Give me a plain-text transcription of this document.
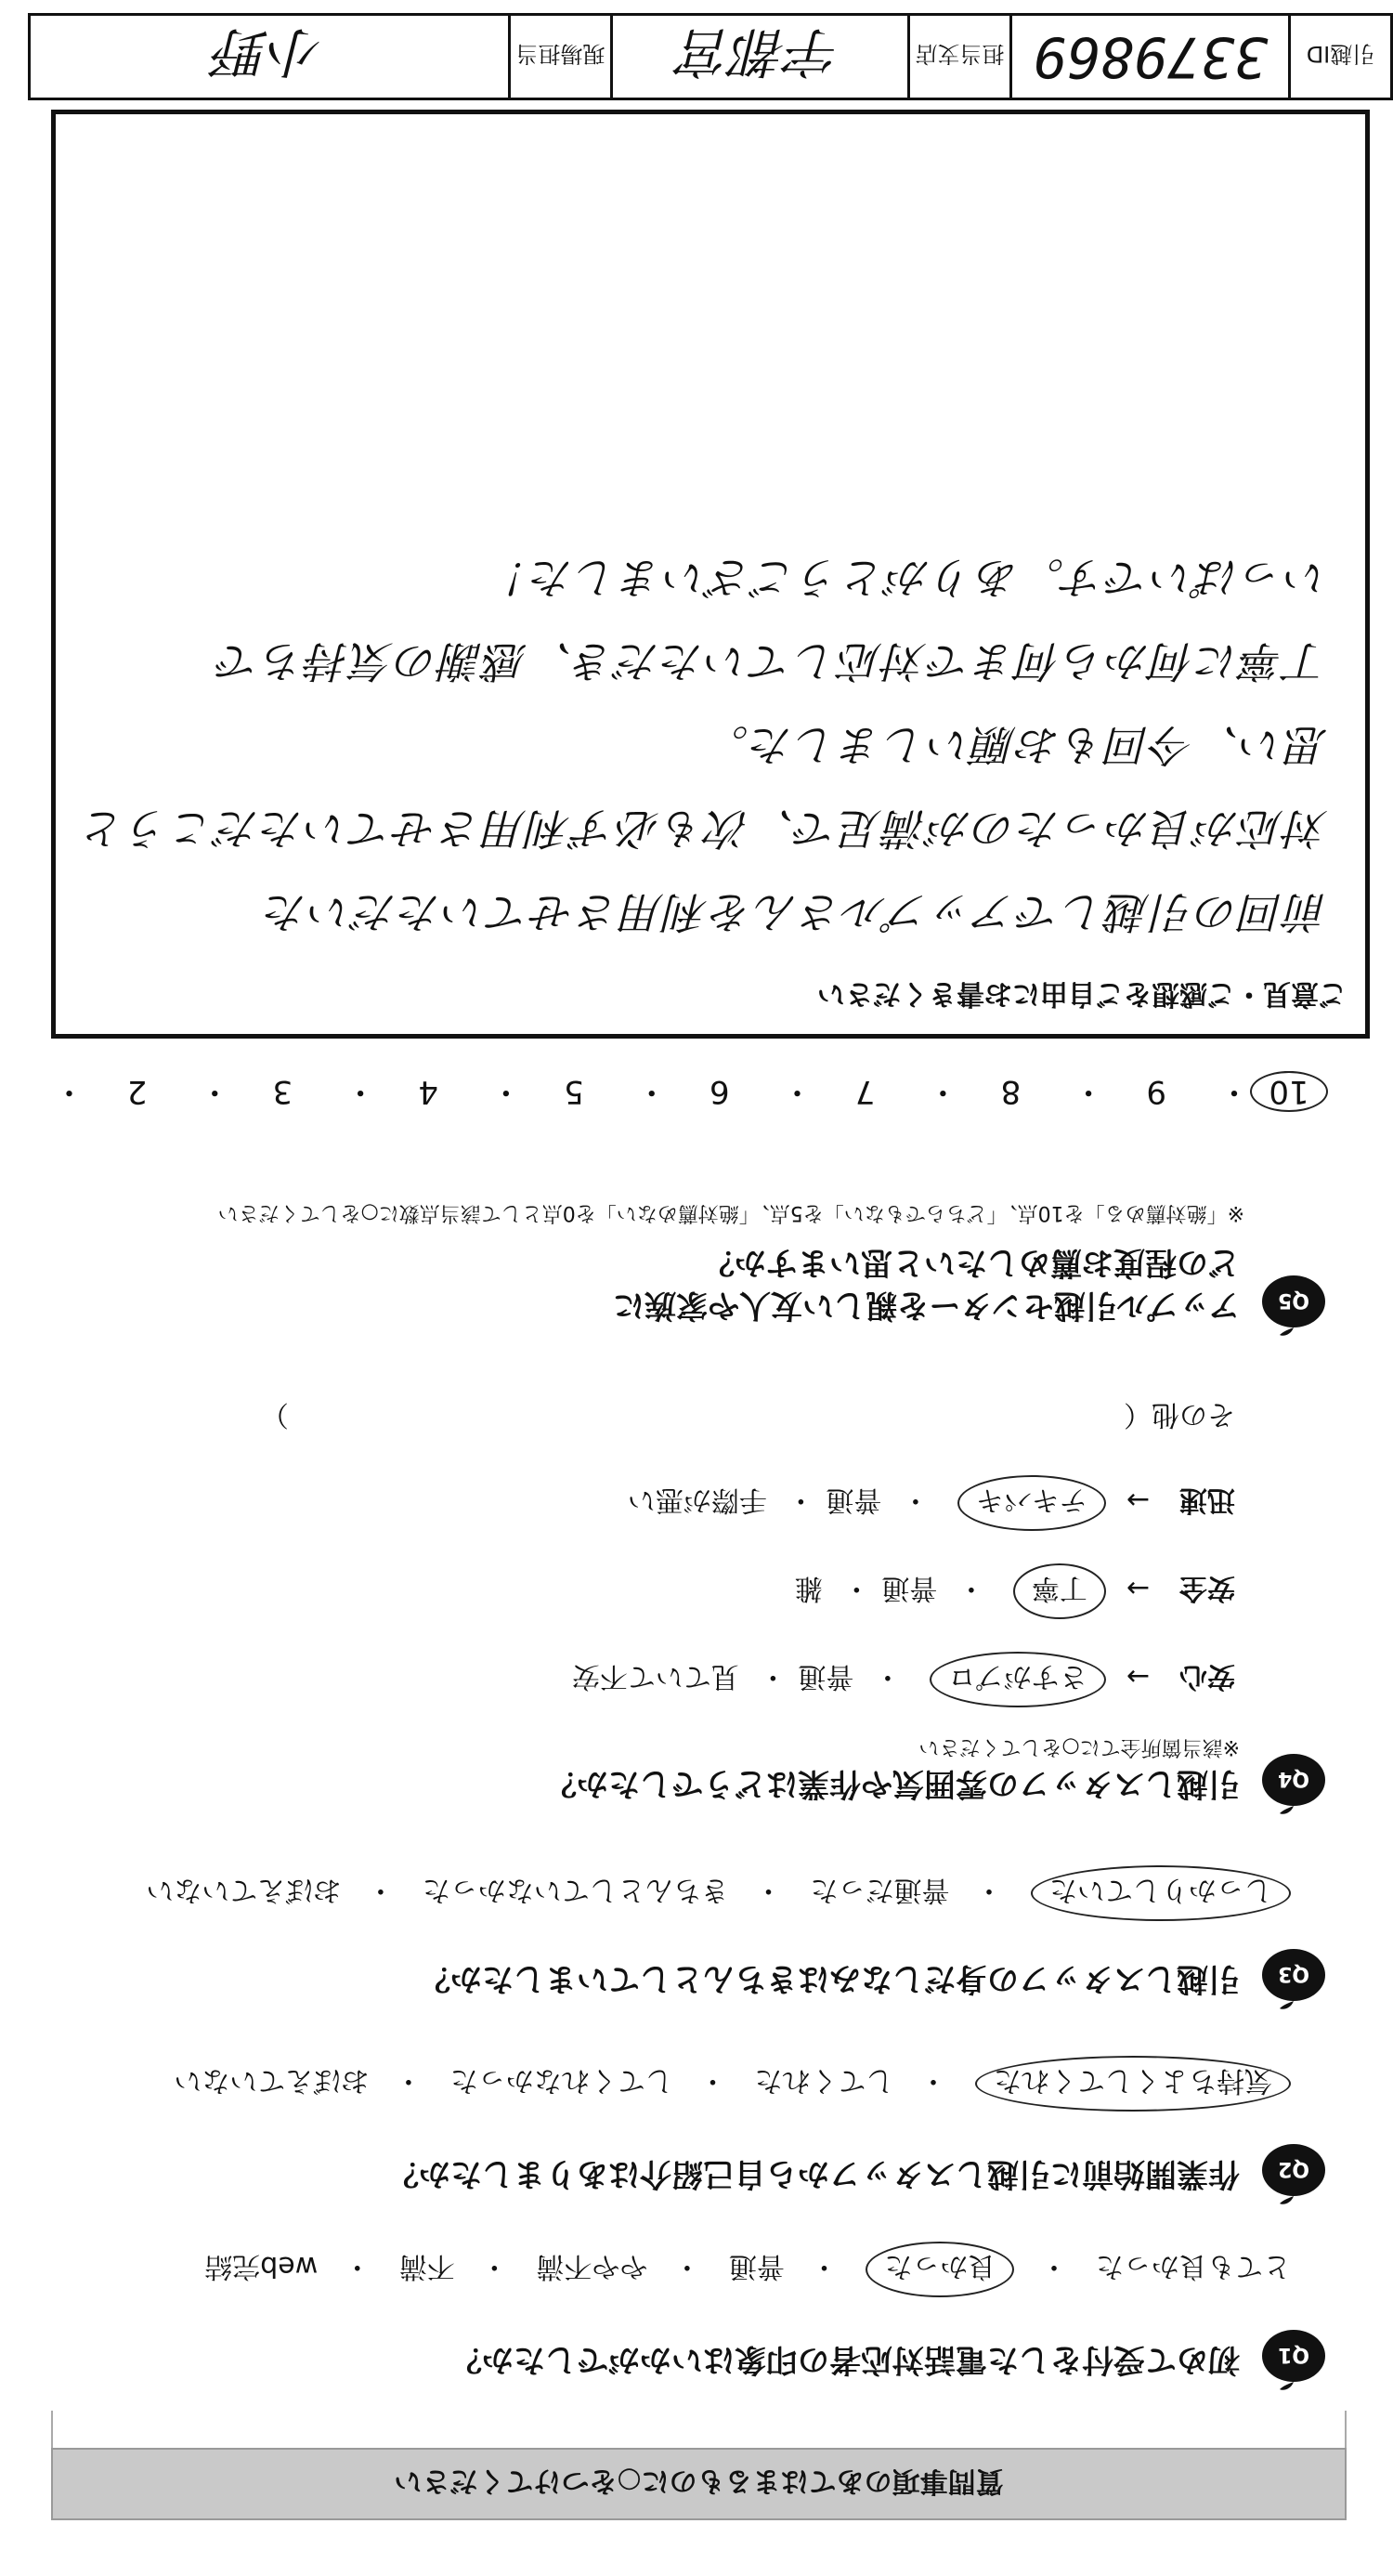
引越ID
3379869
担当支店
宇都宮
現場担当
小野
質問事項のあてはまるものに○をつけてください
Q1
初めて受付をした電話対応者の印象はいかがでしたか？
とても良かった・ 良かった・ 普通・ やや不満・ 不満・ web完結
Q2
作業開始前に引越しスタッフから自己紹介はありましたか？
気持ちよくしてくれた・ してくれた・ してくれなかった・ おぼえていない
Q3
引越しスタッフの身だしなみはきちんとしていましたか？
しっかりしていた・ 普通だった・ きちんとしていなかった・ おぼえていない
Q4
引越しスタッフの雰囲気や作業はどうでしたか？
※該当箇所全てに○をしてください
安心 → さすがプロ・ 普通・ 見ていて不安
安全 → 丁寧・ 普通・ 雑
迅速 → テキパキ・ 普通・ 手際が悪い
その他（  ）
Q5
アップル引越センターを親しい友人や家族に
どの程度お薦めしたいと思いますか？
※「絶対薦める」を10点、「どちらでもない」を5点、「絶対薦めない」を0点として該当点数に○をしてください
10・ 9・ 8・ 7・ 6・ 5・ 4・ 3・ 2・
ご意見・ご感想をご自由にお書きください
前回の引越しでアップルさんを利用させていただいた
対応が良かったのが満足で、次も必ず利用させていただこうと
思い、今回もお願いしました。
丁寧に何から何まで対応していただき、感謝の気持ちで
いっぱいです。ありがとうございました！
